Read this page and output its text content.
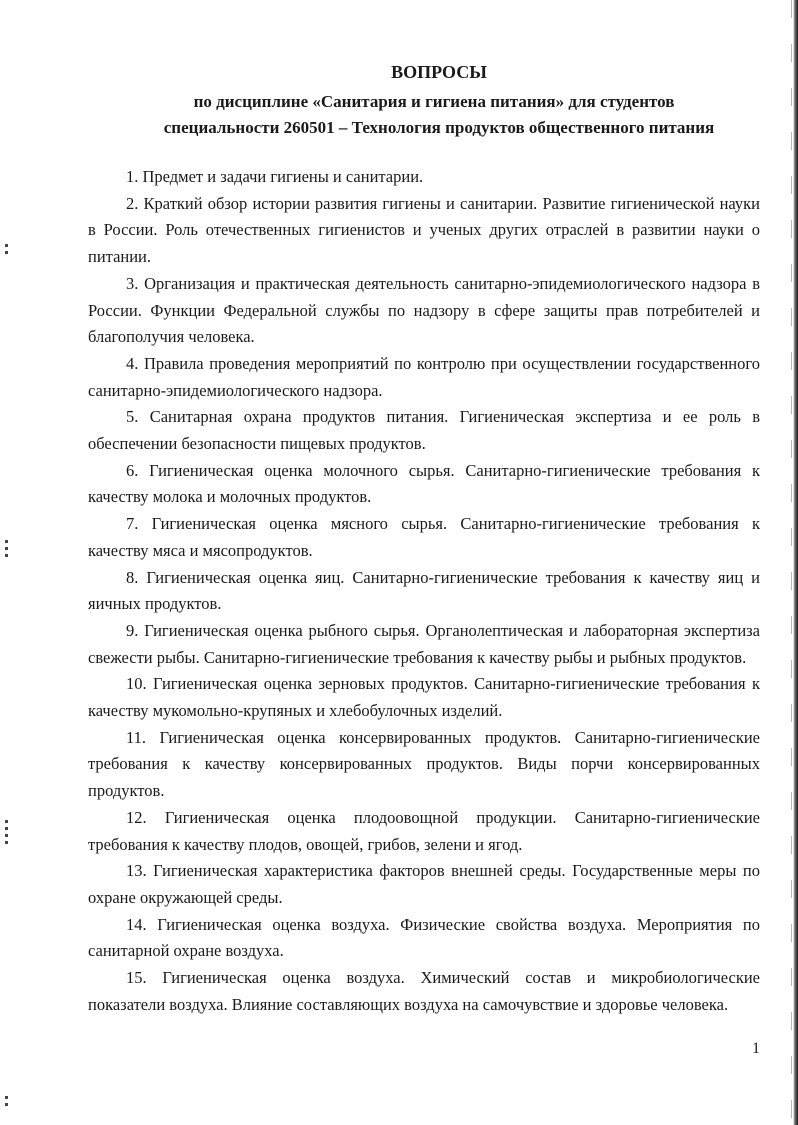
ВОПРОСЫ
по дисциплине «Санитария и гигиена питания» для студентов
специальности 260501 – Технология продуктов общественного питания

1. Предмет и задачи гигиены и санитарии.

2. Краткий обзор истории развития гигиены и санитарии. Развитие гигиенической науки в России. Роль отечественных гигиенистов и ученых других отраслей в развитии науки о питании.

3. Организация и практическая деятельность санитарно-эпидемиологического надзора в России. Функции Федеральной службы по надзору в сфере защиты прав потребителей и благополучия человека.

4. Правила проведения мероприятий по контролю при осуществлении государственного санитарно-эпидемиологического надзора.

5. Санитарная охрана продуктов питания. Гигиеническая экспертиза и ее роль в обеспечении безопасности пищевых продуктов.

6. Гигиеническая оценка молочного сырья. Санитарно-гигиенические требования к качеству молока и молочных продуктов.

7. Гигиеническая оценка мясного сырья. Санитарно-гигиенические требования к качеству мяса и мясопродуктов.

8. Гигиеническая оценка яиц. Санитарно-гигиенические требования к качеству яиц и яичных продуктов.

9. Гигиеническая оценка рыбного сырья. Органолептическая и лабораторная экспертиза свежести рыбы. Санитарно-гигиенические требования к качеству рыбы и рыбных продуктов.

10. Гигиеническая оценка зерновых продуктов. Санитарно-гигиенические требования к качеству мукомольно-крупяных и хлебобулочных изделий.

11. Гигиеническая оценка консервированных продуктов. Санитарно-гигиенические требования к качеству консервированных продуктов. Виды порчи консервированных продуктов.

12. Гигиеническая оценка плодоовощной продукции. Санитарно-гигиенические требования к качеству плодов, овощей, грибов, зелени и ягод.

13. Гигиеническая характеристика факторов внешней среды. Государственные меры по охране окружающей среды.

14. Гигиеническая оценка воздуха. Физические свойства воздуха. Мероприятия по санитарной охране воздуха.

15. Гигиеническая оценка воздуха. Химический состав и микробиологические показатели воздуха. Влияние составляющих воздуха на самочувствие и здоровье человека.

1
